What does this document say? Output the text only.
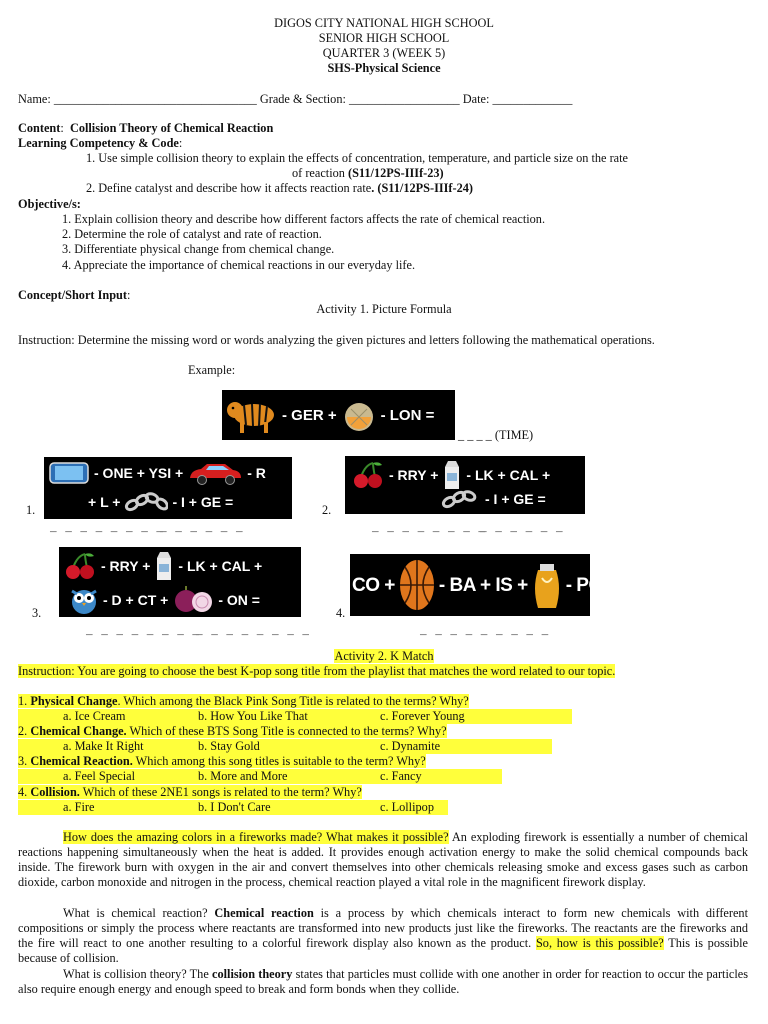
DIGOS CITY NATIONAL HIGH SCHOOL
SENIOR HIGH SCHOOL
QUARTER 3 (WEEK 5)
SHS-Physical Science
Name: _________________________________ Grade & Section: __________________ Date: _____________
Content:  Collision Theory of Chemical Reaction
Learning Competency & Code:
1. Use simple collision theory to explain the effects of concentration, temperature, and particle size on the rate
of reaction (S11/12PS-IIIf-23)
2. Define catalyst and describe how it affects reaction rate. (S11/12PS-IIIf-24)
Objective/s:
1. Explain collision theory and describe how different factors affects the rate of chemical reaction.
2. Determine the role of catalyst and rate of reaction.
3. Differentiate physical change from chemical change.
4. Appreciate the importance of chemical reactions in our everyday life.
Concept/Short Input:
Activity 1. Picture Formula
Instruction: Determine the missing word or words analyzing the given pictures and letters following the mathematical operations.
Example:
- GER +	- LON =
_ _ _ _ (TIME)
1.
- ONE + YSI +	- R
+ L +	- I + GE =
_ _ _ _ _ _ _ _
_ _ _ _ _ _
2.
- RRY + - LK + CAL +
- I + GE =
_ _ _ _ _ _ _ _
_ _ _ _ _ _
3.
- RRY + - LK + CAL +
- D + CT +	- ON =
_ _ _ _ _ _ _ _
_ _ _ _ _ _ _ _
4.
CO + - BA + IS + - POT=
_ _ _ _ _ _ _ _ _
Activity 2. K Match
Instruction: You are going to choose the best K-pop song title from the playlist that matches the word related to our topic.
1. Physical Change. Which among the Black Pink Song Title is related to the terms? Why?
a. Ice Cream	b. How You Like That	c. Forever Young
2. Chemical Change. Which of these BTS Song Title is connected to the terms? Why?
a. Make It Right	b. Stay Gold	c. Dynamite
3. Chemical Reaction. Which among this song titles is suitable to the term? Why?
a. Feel Special	b. More and More	c. Fancy
4. Collision. Which of these 2NE1 songs is related to the term? Why?
a. Fire	b. I Don't Care	c. Lollipop
How does the amazing colors in a fireworks made? What makes it possible? An exploding firework is essentially a number of chemical reactions happening simultaneously when the heat is added. It provides enough activation energy to make the solid chemical compounds back inside. The firework burn with oxygen in the air and convert themselves into other chemicals releasing smoke and excess gases such as carbon dioxide, carbon monoxide and nitrogen in the process, chemical reaction played a vital role in the magnificent firework display.
What is chemical reaction? Chemical reaction is a process by which chemicals interact to form new chemicals with different compositions or simply the process where reactants are transformed into new products just like the fireworks. The reactants are the fireworks and the fire will react to one another resulting to a colorful firework display also known as the product. So, how is this possible? This is possible because of collision.
What is collision theory? The collision theory states that particles must collide with one another in order for reaction to occur the particles also require enough energy and enough speed to break and form bonds when they collide.
